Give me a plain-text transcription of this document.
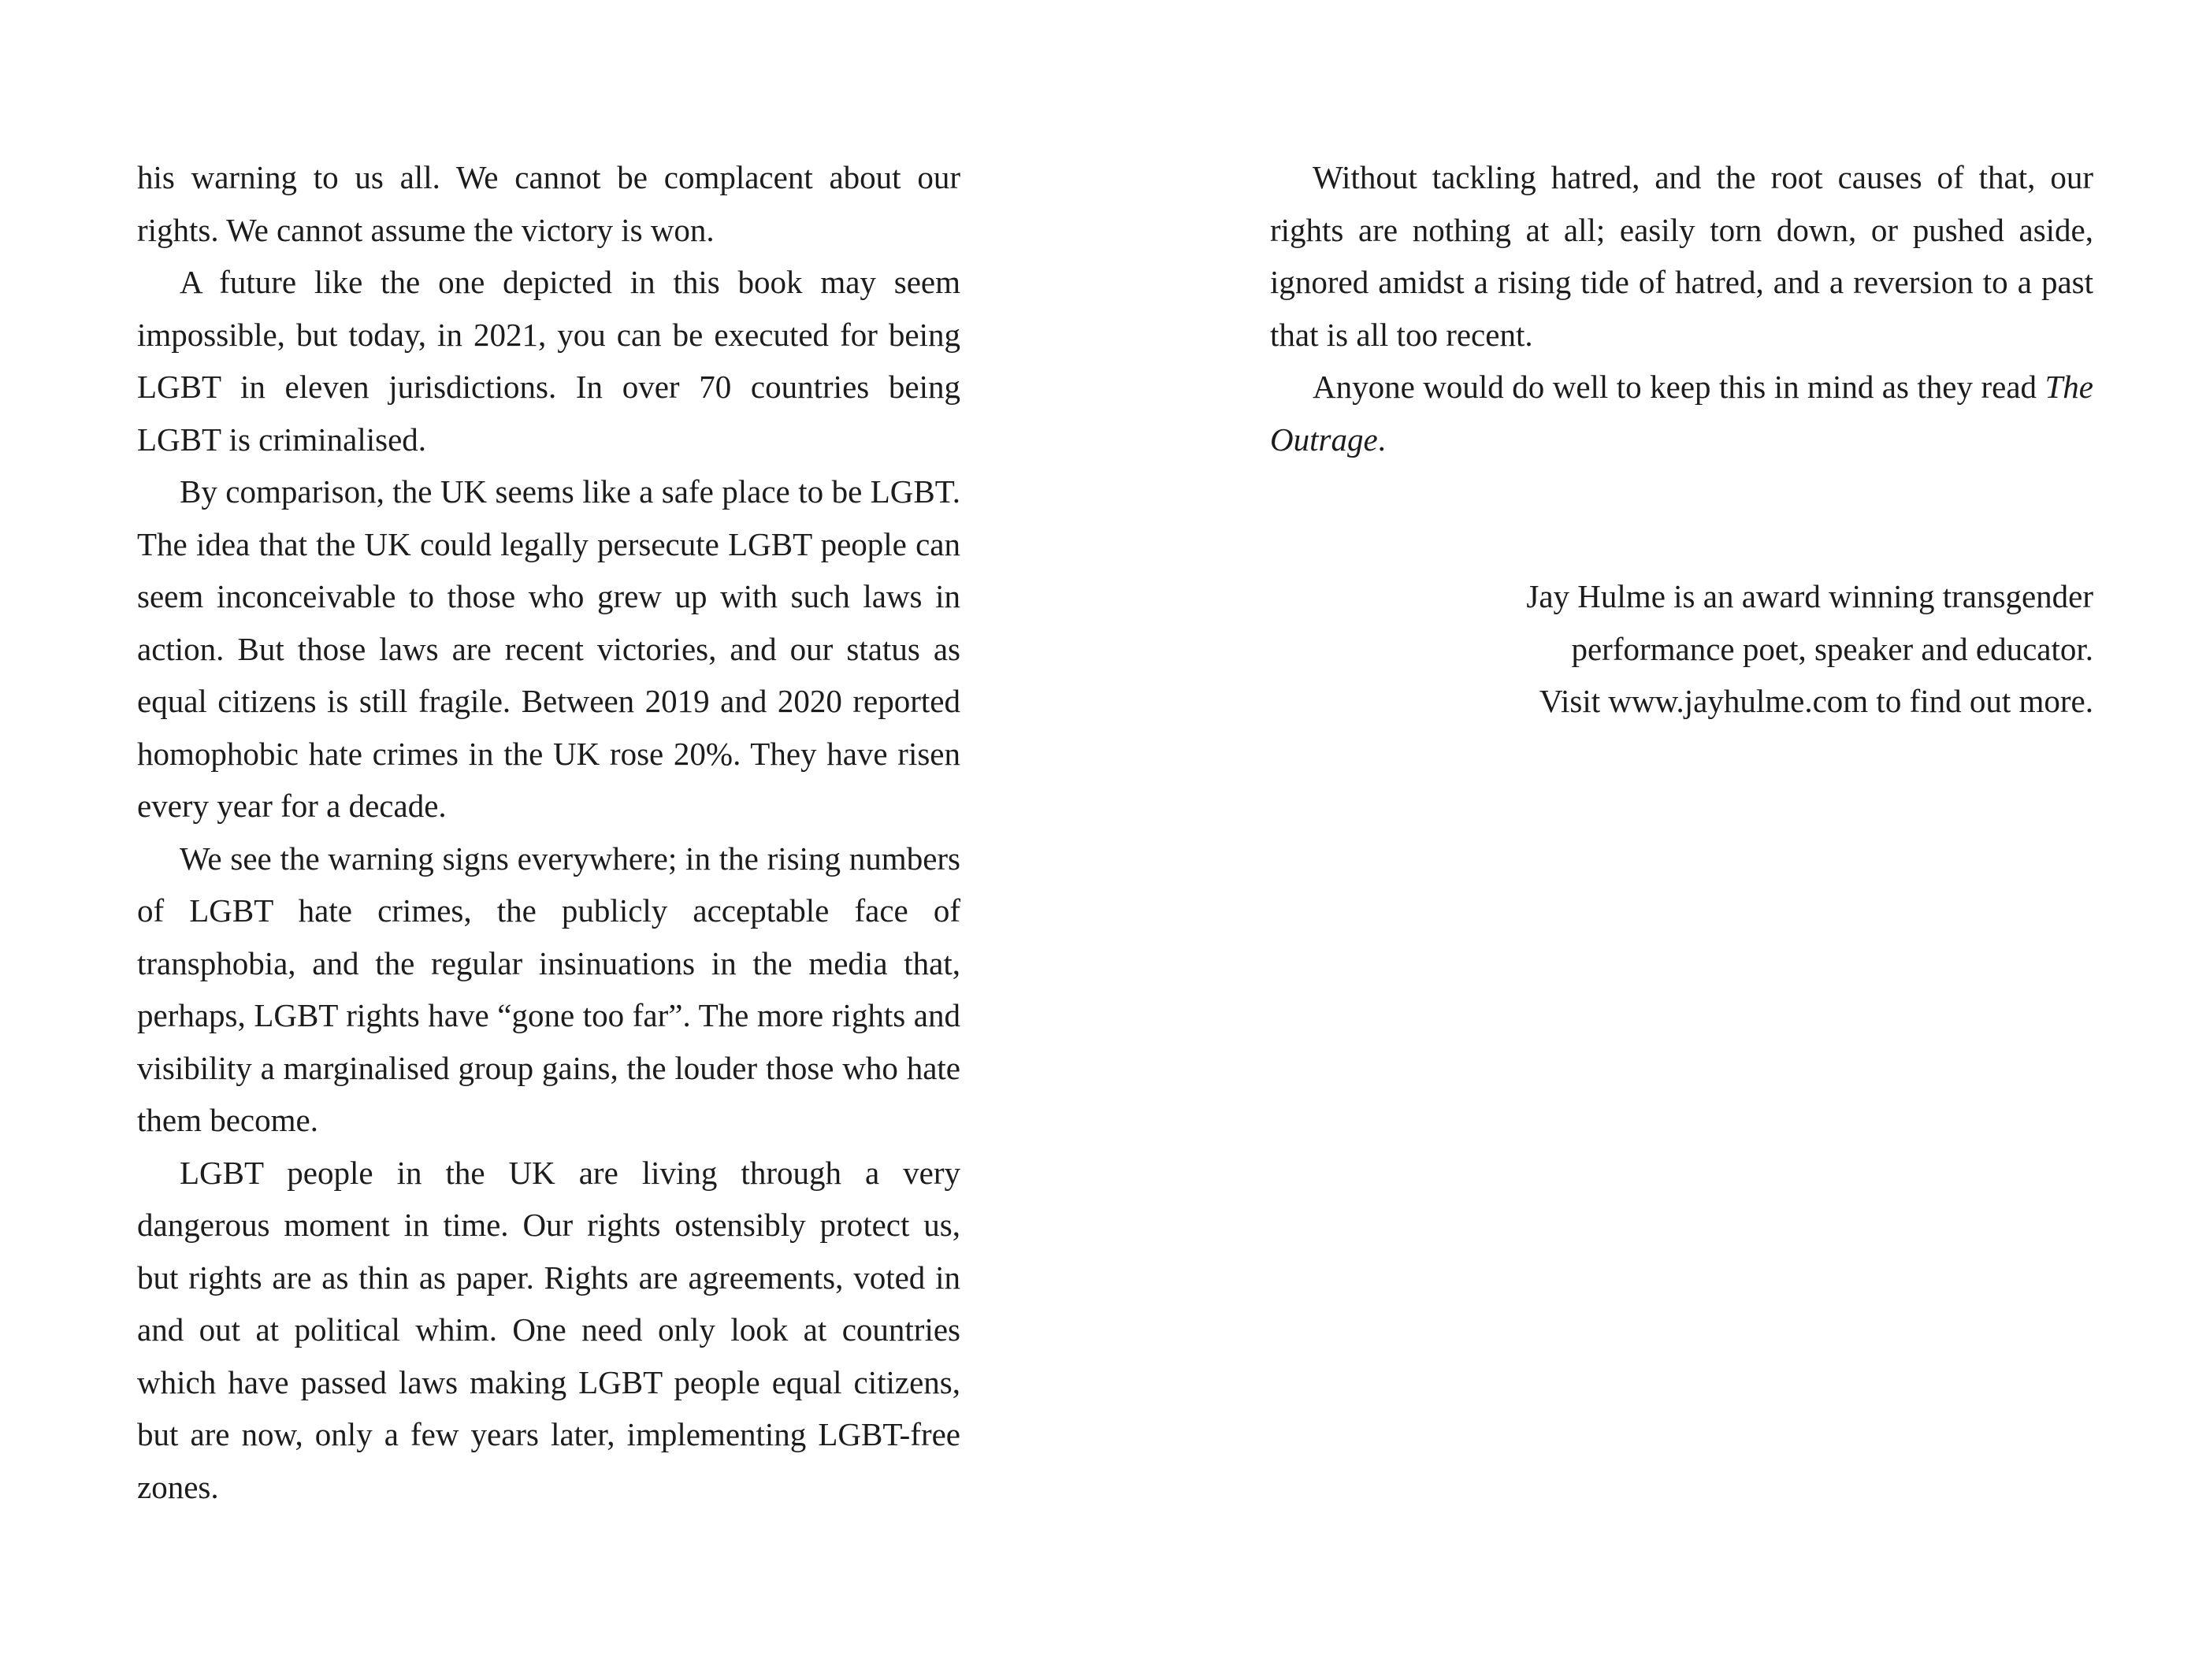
his warning to us all. We cannot be complacent about our rights. We cannot assume the victory is won.

A future like the one depicted in this book may seem impossible, but today, in 2021, you can be executed for being LGBT in eleven jurisdictions. In over 70 countries being LGBT is criminalised.

By comparison, the UK seems like a safe place to be LGBT. The idea that the UK could legally persecute LGBT people can seem inconceivable to those who grew up with such laws in action. But those laws are recent victories, and our status as equal citizens is still fragile. Between 2019 and 2020 reported homophobic hate crimes in the UK rose 20%. They have risen every year for a decade.

We see the warning signs everywhere; in the rising numbers of LGBT hate crimes, the publicly acceptable face of transphobia, and the regular insinuations in the media that, perhaps, LGBT rights have “gone too far”. The more rights and visibility a marginalised group gains, the louder those who hate them become.

LGBT people in the UK are living through a very dangerous moment in time. Our rights ostensibly protect us, but rights are as thin as paper. Rights are agreements, voted in and out at political whim. One need only look at countries which have passed laws making LGBT people equal citizens, but are now, only a few years later, implementing LGBT-free zones.

Without tackling hatred, and the root causes of that, our rights are nothing at all; easily torn down, or pushed aside, ignored amidst a rising tide of hatred, and a reversion to a past that is all too recent.

Anyone would do well to keep this in mind as they read The Outrage.

Jay Hulme is an award winning transgender
performance poet, speaker and educator.
Visit www.jayhulme.com to find out more.
